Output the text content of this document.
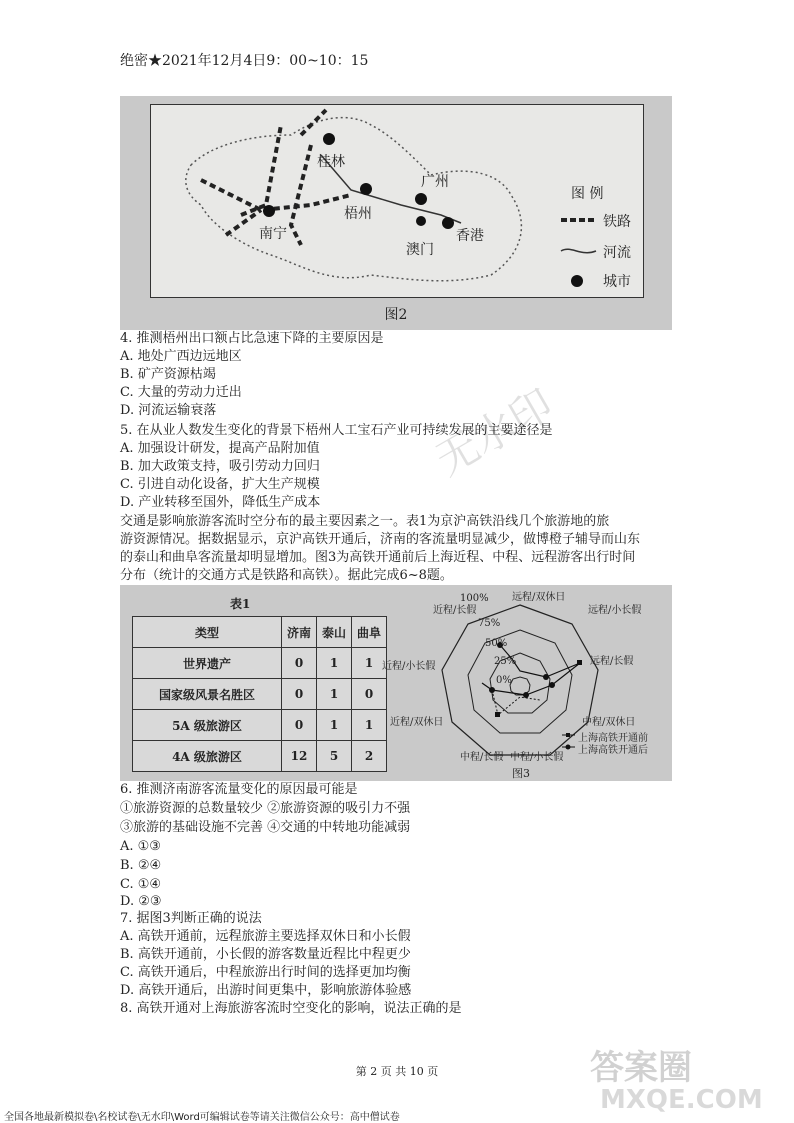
绝密★2021年12月4日9：00~10：15
桂林
梧州
南宁
广州
澳门
香港
图 例
铁路
河流
城市
图2
4. 推测梧州出口额占比急速下降的主要原因是
A. 地处广西边远地区
B. 矿产资源枯竭
C. 大量的劳动力迁出
D. 河流运输衰落
5. 在从业人数发生变化的背景下梧州人工宝石产业可持续发展的主要途径是
A. 加强设计研发，提高产品附加值
B. 加大政策支持，吸引劳动力回归
C. 引进自动化设备，扩大生产规模
D. 产业转移至国外，降低生产成本
交通是影响旅游客流时空分布的最主要因素之一。表1为京沪高铁沿线几个旅游地的旅
游资源情况。据数据显示，京沪高铁开通后，济南的客流量明显减少，做博橙子辅导而山东
的泰山和曲阜客流量却明显增加。图3为高铁开通前后上海近程、中程、远程游客出行时间
分布（统计的交通方式是铁路和高铁）。据此完成6~8题。
表1
类型	济南	泰山	曲阜
世界遗产	0	1	1
国家级风景名胜区	0	1	0
5A 级旅游区	0	1	1
4A 级旅游区	12	5	2
远程/双休日
远程/小长假
远程/长假
中程/双休日
中程/小长假
中程/长假
近程/双休日
近程/小长假
近程/长假
100%
75%
50%
25%
0%
上海高铁开通前
上海高铁开通后
图3
6. 推测济南游客流量变化的原因最可能是
①旅游资源的总数量较少 ②旅游资源的吸引力不强
③旅游的基础设施不完善 ④交通的中转地功能减弱
A. ①③
B. ②④
C. ①④
D. ②③
7. 据图3判断正确的说法
A. 高铁开通前，远程旅游主要选择双休日和小长假
B. 高铁开通前，小长假的游客数量近程比中程更少
C. 高铁开通后，中程旅游出行时间的选择更加均衡
D. 高铁开通后，出游时间更集中，影响旅游体验感
8. 高铁开通对上海旅游客流时空变化的影响，说法正确的是
无水印
答案圈
MXQE.COM
第 2 页 共 10 页
全国各地最新模拟卷\名校试卷\无水印\Word可编辑试卷等请关注微信公众号：高中僧试卷
